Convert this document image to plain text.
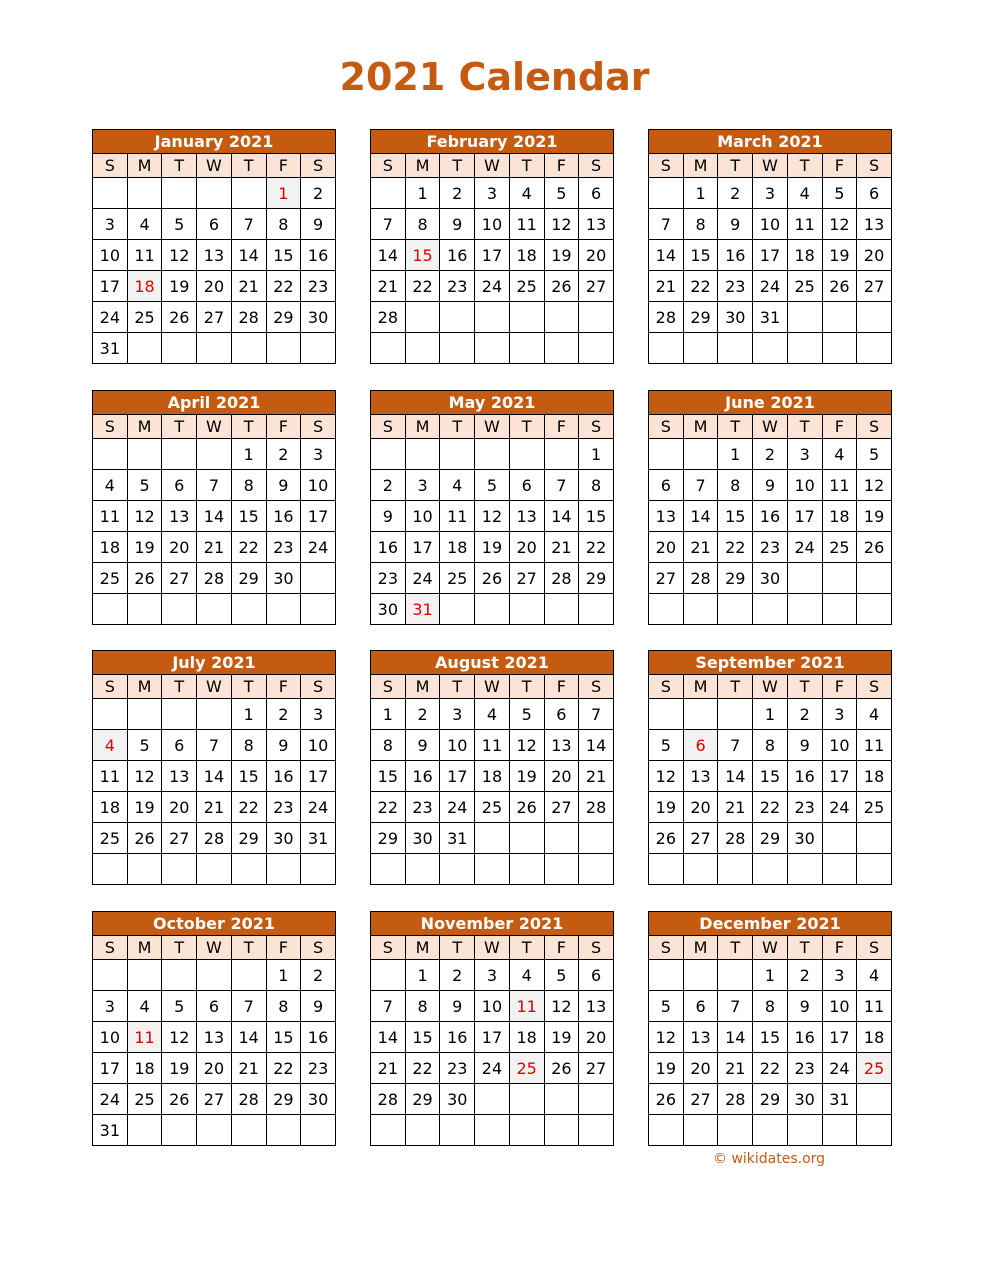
2021 Calendar
January 2021
S	M	T	W	T	F	S
					1	2
3	4	5	6	7	8	9
10	11	12	13	14	15	16
17	18	19	20	21	22	23
24	25	26	27	28	29	30
31						
February 2021
S	M	T	W	T	F	S
	1	2	3	4	5	6
7	8	9	10	11	12	13
14	15	16	17	18	19	20
21	22	23	24	25	26	27
28						

March 2021
S	M	T	W	T	F	S
	1	2	3	4	5	6
7	8	9	10	11	12	13
14	15	16	17	18	19	20
21	22	23	24	25	26	27
28	29	30	31			

April 2021
S	M	T	W	T	F	S
				1	2	3
4	5	6	7	8	9	10
11	12	13	14	15	16	17
18	19	20	21	22	23	24
25	26	27	28	29	30	

May 2021
S	M	T	W	T	F	S
						1
2	3	4	5	6	7	8
9	10	11	12	13	14	15
16	17	18	19	20	21	22
23	24	25	26	27	28	29
30	31					
June 2021
S	M	T	W	T	F	S
		1	2	3	4	5
6	7	8	9	10	11	12
13	14	15	16	17	18	19
20	21	22	23	24	25	26
27	28	29	30			

July 2021
S	M	T	W	T	F	S
				1	2	3
4	5	6	7	8	9	10
11	12	13	14	15	16	17
18	19	20	21	22	23	24
25	26	27	28	29	30	31

August 2021
S	M	T	W	T	F	S
1	2	3	4	5	6	7
8	9	10	11	12	13	14
15	16	17	18	19	20	21
22	23	24	25	26	27	28
29	30	31				

September 2021
S	M	T	W	T	F	S
			1	2	3	4
5	6	7	8	9	10	11
12	13	14	15	16	17	18
19	20	21	22	23	24	25
26	27	28	29	30		

October 2021
S	M	T	W	T	F	S
					1	2
3	4	5	6	7	8	9
10	11	12	13	14	15	16
17	18	19	20	21	22	23
24	25	26	27	28	29	30
31						
November 2021
S	M	T	W	T	F	S
	1	2	3	4	5	6
7	8	9	10	11	12	13
14	15	16	17	18	19	20
21	22	23	24	25	26	27
28	29	30				

December 2021
S	M	T	W	T	F	S
			1	2	3	4
5	6	7	8	9	10	11
12	13	14	15	16	17	18
19	20	21	22	23	24	25
26	27	28	29	30	31	

© wikidates.org
